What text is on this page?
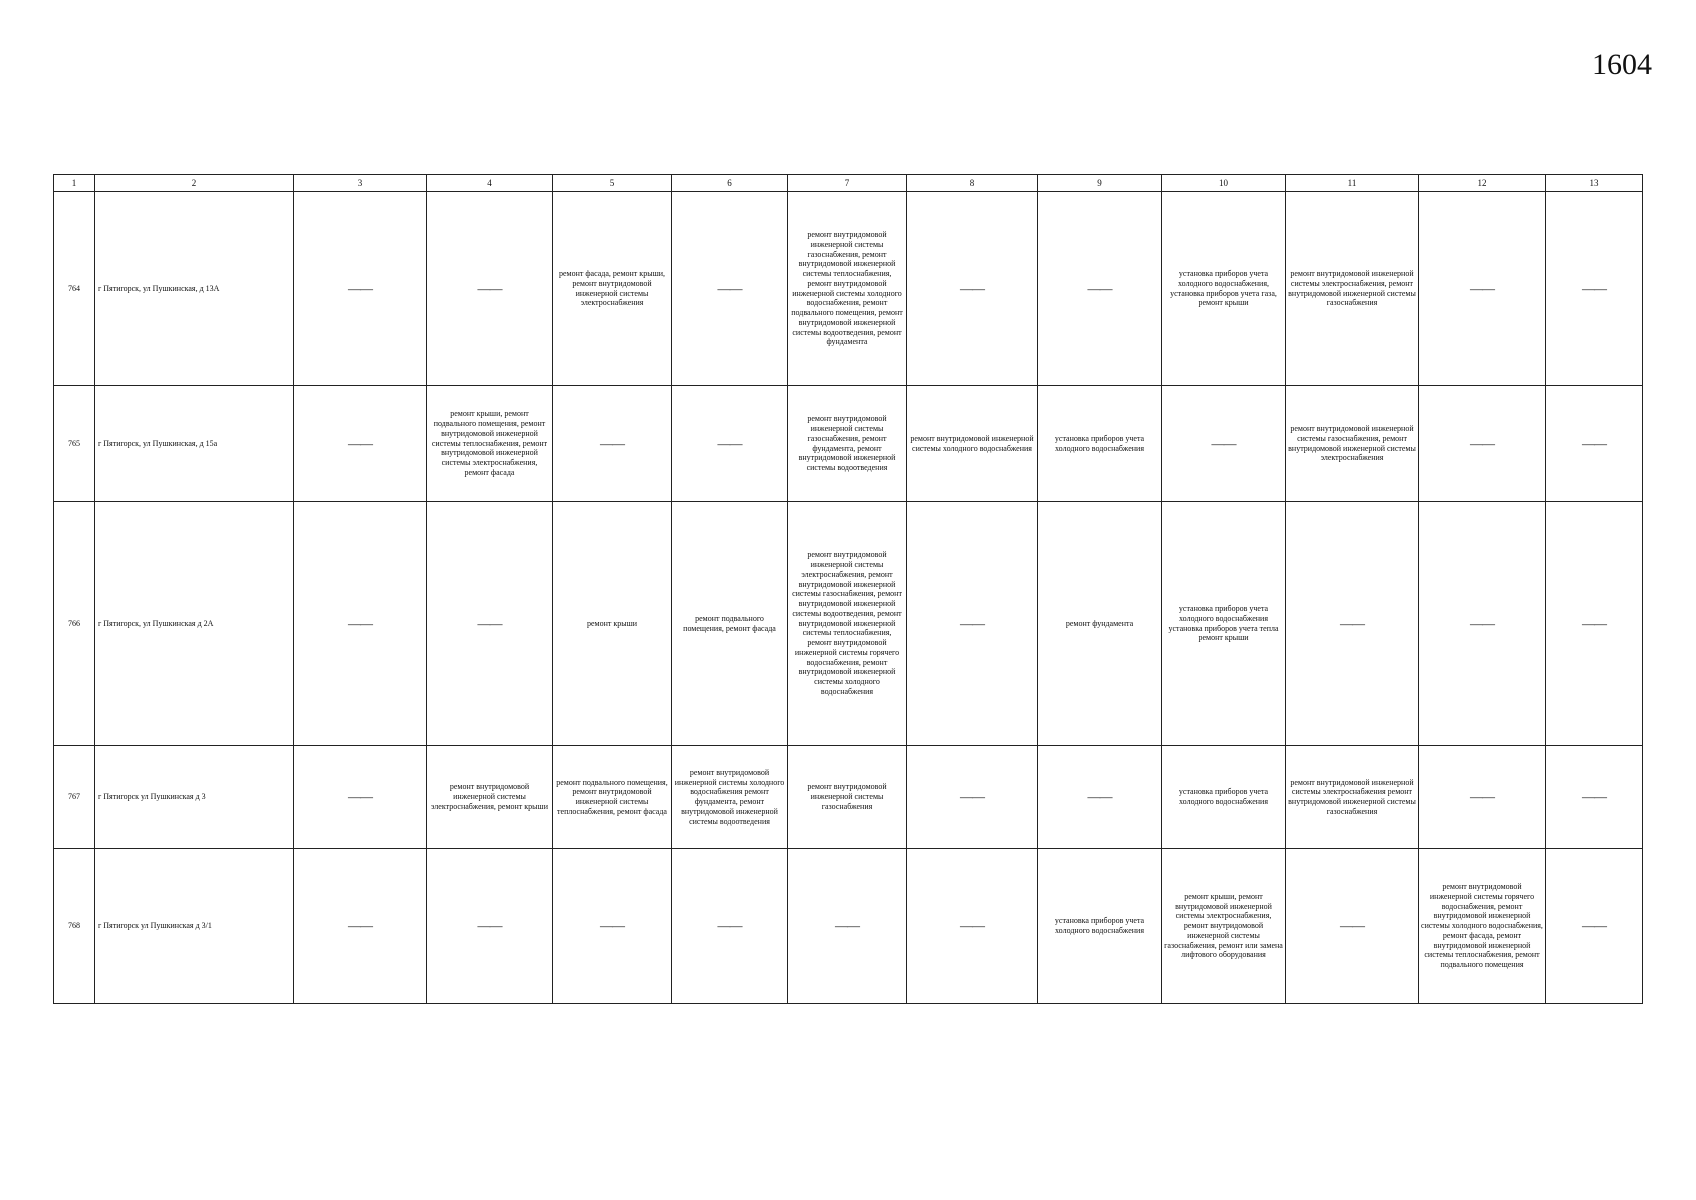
1604
1	2	3	4	5	6	7	8	9	10	11	12	13
764	г Пятигорск, ул Пушкинская, д 13А	——	——	ремонт фасада, ремонт крыши, ремонт внутридомовой инженерной системы электроснабжения	——	ремонт внутридомовой инженерной системы газоснабжения, ремонт внутридомовой инженерной системы теплоснабжения, ремонт внутридомовой инженерной системы холодного водоснабжения, ремонт подвального помещения, ремонт внутридомовой инженерной системы водоотведения, ремонт фундамента	——	——	установка приборов учета холодного водоснабжения, установка приборов учета газа, ремонт крыши	ремонт внутридомовой инженерной системы электроснабжения, ремонт внутридомовой инженерной системы газоснабжения	——	——
765	г Пятигорск, ул Пушкинская, д 15а	——	ремонт крыши, ремонт подвального помещения, ремонт внутридомовой инженерной системы теплоснабжения, ремонт внутридомовой инженерной системы электроснабжения, ремонт фасада	——	——	ремонт внутридомовой инженерной системы газоснабжения, ремонт фундамента, ремонт внутридомовой инженерной системы водоотведения	ремонт внутридомовой инженерной системы холодного водоснабжения	установка приборов учета холодного водоснабжения	——	ремонт внутридомовой инженерной системы газоснабжения, ремонт внутридомовой инженерной системы электроснабжения	——	——
766	г Пятигорск, ул Пушкинская д 2А	——	——	ремонт крыши	ремонт подвального помещения, ремонт фасада	ремонт внутридомовой инженерной системы электроснабжения, ремонт внутридомовой инженерной системы газоснабжения, ремонт внутридомовой инженерной системы водоотведения, ремонт внутридомовой инженерной системы теплоснабжения, ремонт внутридомовой инженерной системы горячего водоснабжения, ремонт внутридомовой инженерной системы холодного водоснабжения	——	ремонт фундамента	установка приборов учета холодного водоснабжения установка приборов учета тепла ремонт крыши	——	——	——
767	г Пятигорск ул Пушкинская д 3	——	ремонт внутридомовой инженерной системы электроснабжения, ремонт крыши	ремонт подвального помещения, ремонт внутридомовой инженерной системы теплоснабжения, ремонт фасада	ремонт внутридомовой инженерной системы холодного водоснабжения ремонт фундамента, ремонт внутридомовой инженерной системы водоотведения	ремонт внутридомовой инженерной системы газоснабжения	——	——	установка приборов учета холодного водоснабжения	ремонт внутридомовой инженерной системы электроснабжения ремонт внутридомовой инженерной системы газоснабжения	——	——
768	г Пятигорск ул Пушкинская д 3/1	——	——	——	——	——	——	установка приборов учета холодного водоснабжения	ремонт крыши, ремонт внутридомовой инженерной системы электроснабжения, ремонт внутридомовой инженерной системы газоснабжения, ремонт или замена лифтового оборудования	——	ремонт внутридомовой инженерной системы горячего водоснабжения, ремонт внутридомовой инженерной системы холодного водоснабжения, ремонт фасада, ремонт внутридомовой инженерной системы теплоснабжения, ремонт подвального помещения	——
